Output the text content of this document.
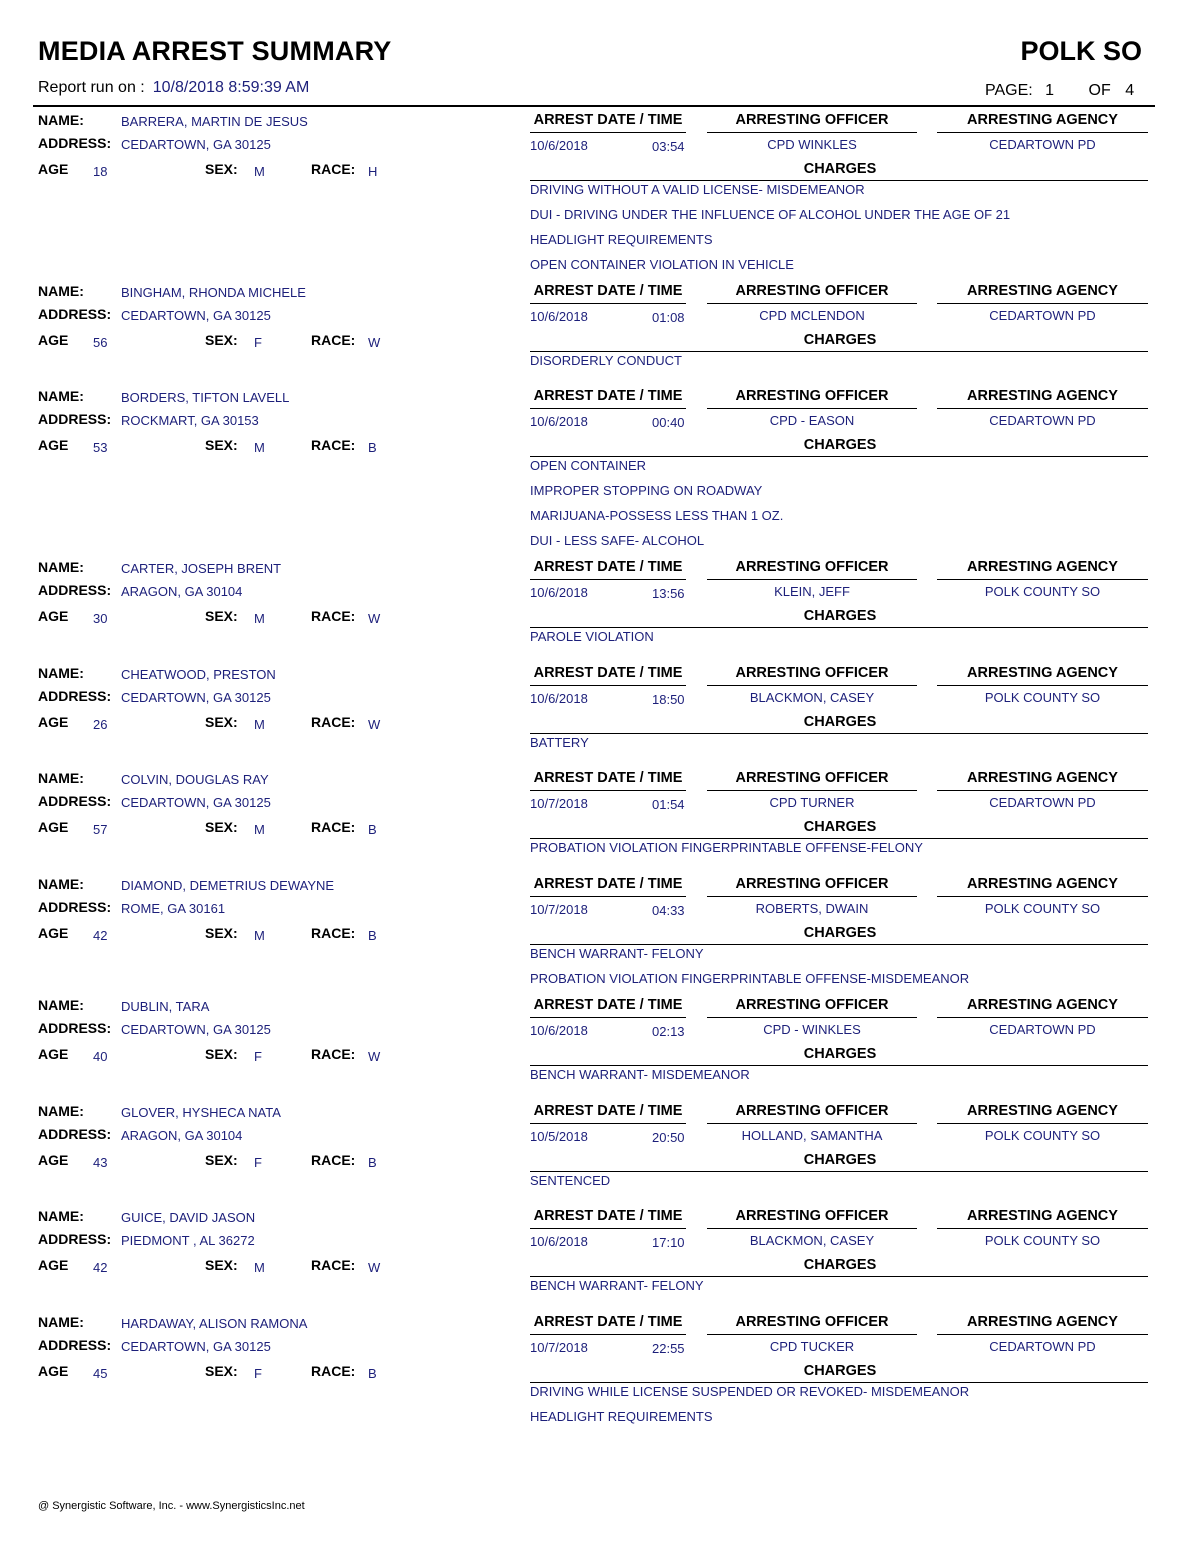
MEDIA ARREST SUMMARY	POLK SO
Report run on : 10/8/2018 8:59:39 AM	PAGE: 1 OF 4
NAME:	BARRERA, MARTIN DE JESUS
ADDRESS: CEDARTOWN, GA 30125
AGE 18	SEX: M	RACE: H
ARREST DATE / TIME	ARRESTING OFFICER	ARRESTING AGENCY
10/6/2018	03:54	CPD WINKLES	CEDARTOWN PD
CHARGES
DRIVING WITHOUT A VALID LICENSE- MISDEMEANOR
DUI - DRIVING UNDER THE INFLUENCE OF ALCOHOL UNDER THE AGE OF 21
HEADLIGHT REQUIREMENTS
OPEN CONTAINER VIOLATION IN VEHICLE
NAME:	BINGHAM, RHONDA MICHELE
ADDRESS: CEDARTOWN, GA 30125
AGE 56	SEX: F	RACE: W
ARREST DATE / TIME	ARRESTING OFFICER	ARRESTING AGENCY
10/6/2018	01:08	CPD MCLENDON	CEDARTOWN PD
CHARGES
DISORDERLY CONDUCT
NAME:	BORDERS, TIFTON LAVELL
ADDRESS: ROCKMART, GA 30153
AGE 53	SEX: M	RACE: B
ARREST DATE / TIME	ARRESTING OFFICER	ARRESTING AGENCY
10/6/2018	00:40	CPD - EASON	CEDARTOWN PD
CHARGES
OPEN CONTAINER
IMPROPER STOPPING ON ROADWAY
MARIJUANA-POSSESS LESS THAN 1 OZ.
DUI - LESS SAFE- ALCOHOL
NAME:	CARTER, JOSEPH BRENT
ADDRESS: ARAGON, GA 30104
AGE 30	SEX: M	RACE: W
ARREST DATE / TIME	ARRESTING OFFICER	ARRESTING AGENCY
10/6/2018	13:56	KLEIN, JEFF	POLK COUNTY SO
CHARGES
PAROLE VIOLATION
NAME:	CHEATWOOD, PRESTON
ADDRESS: CEDARTOWN, GA 30125
AGE 26	SEX: M	RACE: W
ARREST DATE / TIME	ARRESTING OFFICER	ARRESTING AGENCY
10/6/2018	18:50	BLACKMON, CASEY	POLK COUNTY SO
CHARGES
BATTERY
NAME:	COLVIN, DOUGLAS RAY
ADDRESS: CEDARTOWN, GA 30125
AGE 57	SEX: M	RACE: B
ARREST DATE / TIME	ARRESTING OFFICER	ARRESTING AGENCY
10/7/2018	01:54	CPD TURNER	CEDARTOWN PD
CHARGES
PROBATION VIOLATION FINGERPRINTABLE OFFENSE-FELONY
NAME:	DIAMOND, DEMETRIUS DEWAYNE
ADDRESS: ROME, GA 30161
AGE 42	SEX: M	RACE: B
ARREST DATE / TIME	ARRESTING OFFICER	ARRESTING AGENCY
10/7/2018	04:33	ROBERTS, DWAIN	POLK COUNTY SO
CHARGES
BENCH WARRANT- FELONY
PROBATION VIOLATION FINGERPRINTABLE OFFENSE-MISDEMEANOR
NAME:	DUBLIN, TARA
ADDRESS: CEDARTOWN, GA 30125
AGE 40	SEX: F	RACE: W
ARREST DATE / TIME	ARRESTING OFFICER	ARRESTING AGENCY
10/6/2018	02:13	CPD - WINKLES	CEDARTOWN PD
CHARGES
BENCH WARRANT- MISDEMEANOR
NAME:	GLOVER, HYSHECA NATA
ADDRESS: ARAGON, GA 30104
AGE 43	SEX: F	RACE: B
ARREST DATE / TIME	ARRESTING OFFICER	ARRESTING AGENCY
10/5/2018	20:50	HOLLAND, SAMANTHA	POLK COUNTY SO
CHARGES
SENTENCED
NAME:	GUICE, DAVID JASON
ADDRESS: PIEDMONT , AL 36272
AGE 42	SEX: M	RACE: W
ARREST DATE / TIME	ARRESTING OFFICER	ARRESTING AGENCY
10/6/2018	17:10	BLACKMON, CASEY	POLK COUNTY SO
CHARGES
BENCH WARRANT- FELONY
NAME:	HARDAWAY, ALISON RAMONA
ADDRESS: CEDARTOWN, GA 30125
AGE 45	SEX: F	RACE: B
ARREST DATE / TIME	ARRESTING OFFICER	ARRESTING AGENCY
10/7/2018	22:55	CPD TUCKER	CEDARTOWN PD
CHARGES
DRIVING WHILE LICENSE SUSPENDED OR REVOKED- MISDEMEANOR
HEADLIGHT REQUIREMENTS
@ Synergistic Software, Inc. - www.SynergisticsInc.net
